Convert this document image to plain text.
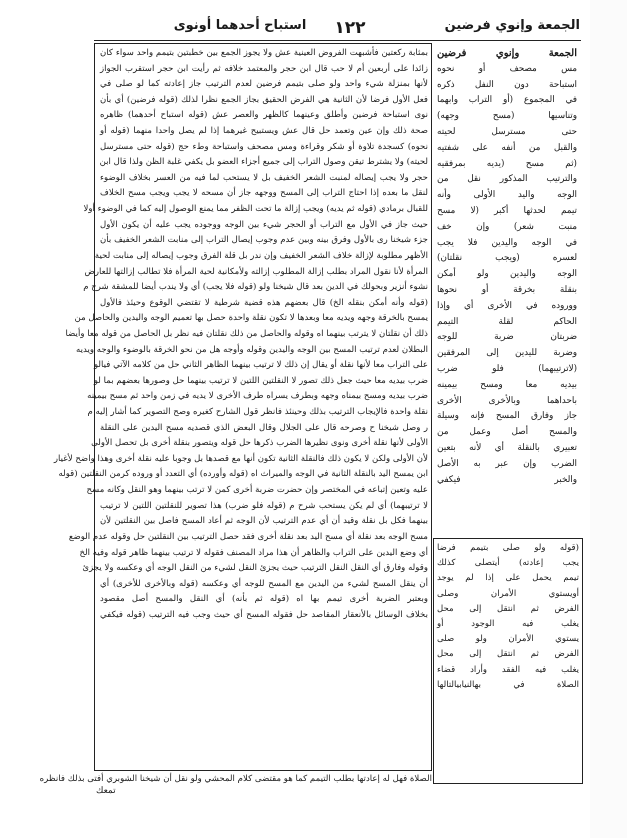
الجمعة وإنوي فرضين
١٢٢
استباح أحدهما أونوى
بمثابة ركعتين فأشبهت الفروض العينية عش ولا يجوز الجمع بين خطبتين بتيمم واحد سواء كان
زائدا على أربعين أم لا حب قال ابن حجر والمعتمد خلافه ثم رأيت ابن حجر استقرب الجواز
لأنها بمنزلة شيء واحد ولو صلى بتيمم فرضين لعدم الترتيب جاز إعادته كما لو صلى في
فعل الأول فرضا لأن الثانية هي الفرض الحقيق بجاز الجمع نظرا لذلك (قوله فرضين) أي بأن
نوى استباحة فرضين وأطلق وعينهما كالظهر والعصر عش (قوله استباح أحدهما) ظاهره
صحة ذلك وإن عين وتعمد حل قال عش ويستبيح غيرهما إذا لم يصل واحدا منهما (قوله أو
نحوه) كسجدة تلاوة أو شكر وقراءة ومس مصحف واستباحة وطء حج (قوله حتى مسترسل
لحيته) ولا يشترط تيقن وصول التراب إلى جميع أجزاء العضو بل يكفي غلبة الظن ولذا قال ابن
حجر ولا يجب إيصاله لمنبت الشعر الخفيف بل لا يستحب لما فيه من العسر بخلاف الوضوء
لنقل ما بعده إذا احتاج التراب إلى المسح ووجهه جاز أن مسحه لا يجب ويجب مسح الخلاف
للقبال برمادي (قوله ثم يديه) ويجب إزالة ما تحت الظفر مما يمنع الوصول إليه كما في الوضوء أولا
حيث جاز في الأول مع التراب أو الحجر شيء بين الوجه ووجوده يجب عليه أن يكون الأول
جزء شيخنا رى بالأول وفرق بينه وبين عدم وجوب إيصال التراب إلى منابت الشعر الخفيف بأن
الأظهر مطلوبة لإزالة خلاف الشعر الخفيف وإن ندر بل قلة الفرق وجوب إيصاله إلى منابت لحية
المرأة لأنا نقول المراد بطلب إزالة المطلوب إزالته ولأمكانية لحية المرأة فلا تطالب إزالتها للعارض
نشوء أنزير وبحولك في الدين بعد قال شيخنا ولو (قوله فلا يجب) أي ولا يندب أيضا للمشقة شرح م
(قوله وأنه أمكن بنقله الخ) قال بعضهم هذه قضية شرطية لا تقتضي الوقوع وحيئذ فالأول
يمسح بالخرقة وجهه ويديه معا وبعدها لا تكون نقلة واحدة حصل بها تعميم الوجه واليدين والحاصل من
ذلك أن نقلتان لا يترتب بينهما اه وقوله والحاصل من ذلك نقلتان فيه نظر بل الحاصل من قوله معا وأيضا
البطلان لعدم ترتيب المسح بين الوجه واليدين وقوله وأوجه هل من نحو الخرقة بالوضوء والوجه ويديه
على التراب معا لأنها نقلة أو يقال إن ذلك لا ترتيب بينهما الظاهر الثاني حل من كلامه الآتي فيالو
ضرب بيديه معا حيث جعل ذلك تصور لا النقلتين اللتين لا ترتيب بينهما حل وصورها بعضهم بما لو
ضرب بيديه ومسح بيمناه وجهه وبطرف يسراه طرف الأخرى لا يديه في زمن واحد ثم مسح بيمينه
نقلة واحدة فالإيجاب الترتيب بذلك وحينئذ فانظر قول الشارح كغيره وصح التصوير كما أشار إليه م
ر وصل شيخنا ح وصرحه قال على الجلال وقال البعض الذي قصديه مسح اليدين على النقلة
الأولى لأنها نقلة أخرى ونوى نظيرها الضرب ذكرها حل قوله ويتصور بنقلة أخرى بل تحصل الأولى
لأن الأولى ولكن لا يكون ذلك فالنقلة الثانية تكون أنها مع قصدها بل وجوبا عليه نقلة أخرى وهذا واضح لأغيار
ابن يمسح اليد بالنقلة الثانية في الوجه والميراث اه (قوله وأورده) أي التعدد أو وروده كرمن النقلتين (قوله
عليه وتعين إتباعه في المختصر وإن حضرت ضربة أخرى كمن لا ترتب بينهما وهو النقل وكانه مسح
لا ترتيبهما) أي لم يكن يستحب شرح م (قوله فلو ضرب) هذا تصوير للنقلتين اللتين لا ترتيب
بينهما فكل بل نقلة وقيد أن أي عدم الترتيب لأن الوجه ثم أعاد المسح فاصل بين النقلتين لأن
مسح الوجه بعد نقلة أي مسح اليد بعد نقلة أخرى فقد حصل الترتيب بين النقلتين حل وقوله عدم الوضع
أي وضع اليدين على التراب والظاهر أن هذا مراد المصنف فقوله لا ترتيب بينهما ظاهر قوله وفيه الخ
وقوله وفارق أي النقل النقل الترتيب حيث يجزئ النقل لشيء من النقل الوجه أي وعكسه ولا يجزئ
أن ينقل المسح لشيء من اليدين مع المسح للوجه أي وعكسه (قوله وبالأخرى للأخرى) أي
وبعتبر الضربة أخرى تيمم بها اه (قوله ثم بأنه) أي النقل والمسح أصل مقصود
بخلاف الوسائل بالأنعقار المقاصد حل فقوله المسح أي حيث وجب فيه الترتيب (قوله فيكفي
الجمعة وإنوي فرضين
مس مصحف أو نحوه
استباحة دون النفل ذكره
في المجموع (أو التراب وابهما
وتناسيها (مسح وجهه)
حتى مسترسل لحيته
والقبل من أنفه على شفتيه
(ثم مسح (يديه بمرفقيه
والترتيب المذكور نقل من
الوجه واليد الأولى وأنه
تيمم لحدثها أكبر (لا مسح
منبت شعر) وإن خف
في الوجه واليدين فلا يجب
لعسره (ويجب نقلتان)
الوجه واليدين ولو أمكن
بنقلة بخرقة أو نحوها
ووروده في الأخرى أي وإذا
الحاكم لقلة التيمم
ضربتان ضربة للوجه
وضربة لليدين إلى المرفقين
(لاترتيبهما) فلو ضرب
بيديه معا ومسح بيمينه
باحداهما وبالأخرى الأخرى
جاز وفارق المسح فإنه وسيلة
والمسح أصل وعمل من
تعبيري بالنقلة أي لأنه بتعين
الضرب وإن عبر به الأصل
والخبر فيكفي
(قوله ولو صلى بتيمم فرضا
يجب إعادته) أيتصلى كذلك
تيمم يحمل على إذا لم يوجد
أويستوي الأمران وصلى
الفرض ثم انتقل إلى محل
يغلب فيه الوجود أو
يستوي الأمران ولو صلى
الفرض ثم انتقل إلى محل
يغلب فيه الفقد وأراد قضاء
الصلاة في بهالنيابيالتالها
الصلاة فهل له إعادتها بطلب التيمم كما هو مقتضى كلام المحشي ولو نقل أن شيخنا الشوبري أفتى بذلك فانظره
تمعك
